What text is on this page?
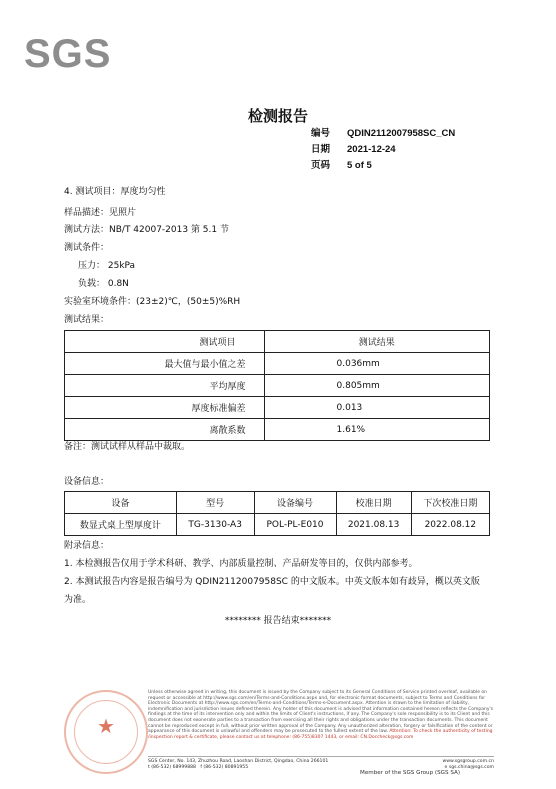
SGS
检测报告
编号	QDIN2112007958SC_CN
日期	2021-12-24
页码	5 of 5
4. 测试项目：厚度均匀性
样品描述：见照片
测试方法：NB/T 42007-2013 第 5.1 节
测试条件：
压力： 25kPa
负载： 0.8N
实验室环境条件：(23±2)℃，(50±5)%RH
测试结果：
测试项目	测试结果
最大值与最小值之差	0.036mm
平均厚度	0.805mm
厚度标准偏差	0.013
离散系数	1.61%
备注：测试试样从样品中裁取。
设备信息：
设备	型号	设备编号	校准日期	下次校准日期
数显式桌上型厚度计	TG-3130-A3	POL-PL-E010	2021.08.13	2022.08.12
附录信息：
1. 本检测报告仅用于学术科研、教学、内部质量控制、产品研发等目的，仅供内部参考。
2. 本测试报告内容是报告编号为 QDIN2112007958SC 的中文版本。中英文版本如有歧异，概以英文版
为准。
******** 报告结束*******
★
Unless otherwise agreed in writing, this document is issued by the Company subject to its General Conditions of Service printed overleaf, available on request or accessible at http://www.sgs.com/en/Terms-and-Conditions.aspx and, for electronic format documents, subject to Terms and Conditions for Electronic Documents at http://www.sgs.com/en/Terms-and-Conditions/Terms-e-Document.aspx. Attention is drawn to the limitation of liability, indemnification and jurisdiction issues defined therein. Any holder of this document is advised that information contained hereon reflects the Company's findings at the time of its intervention only and within the limits of Client's instructions, if any. The Company's sole responsibility is to its Client and this document does not exonerate parties to a transaction from exercising all their rights and obligations under the transaction documents. This document cannot be reproduced except in full, without prior written approval of the Company. Any unauthorized alteration, forgery or falsification of the content or appearance of this document is unlawful and offenders may be prosecuted to the fullest extent of the law. Attention: To check the authenticity of testing /inspection report & certificate, please contact us at telephone: (86-755)8307 1443, or email: CN.Doccheck@sgs.com
SGS Center, No. 143, Zhuzhou Road, Laoshan District, Qingdao, China 266101
t (86-532) 68999888 f (86-532) 80891955
www.sgsgroup.com.cn
e sgs.china@sgs.com
Member of the SGS Group (SGS SA)
